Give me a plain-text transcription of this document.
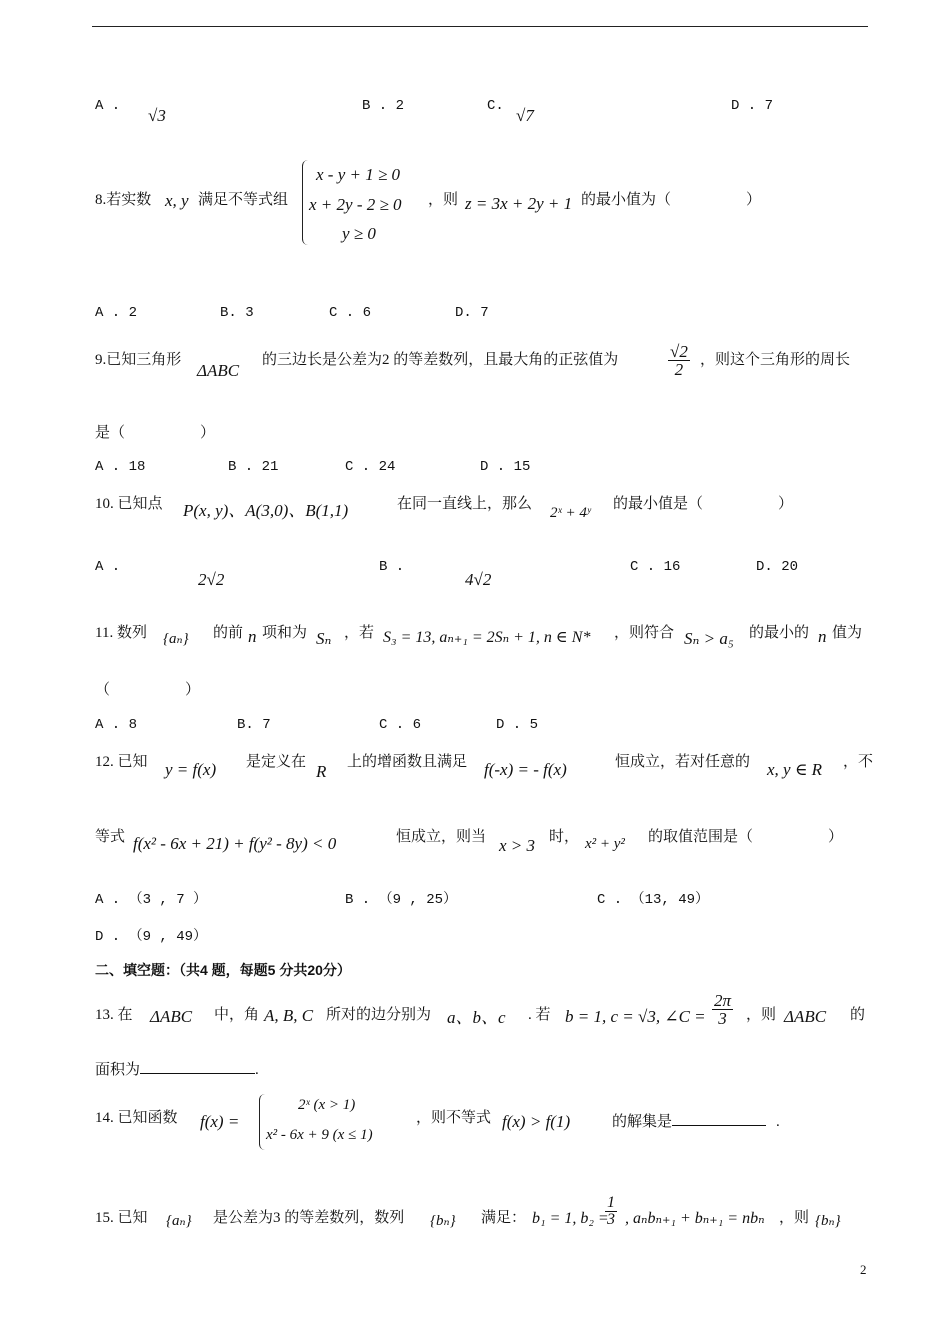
A . √3	B . 2	C. √7	D . 7
8.若实数 x, y 满足不等式组
x - y + 1 ≥ 0
x + 2y - 2 ≥ 0
y ≥ 0
，则 z = 3x + 2y + 1 的最小值为（　　　　　）
A . 2	B. 3	C . 6	D. 7
9.已知三角形
ΔABC
的三边长是公差为2 的等差数列，且最大角的正弦值为	$\frac{√2}{2}$ ，则这个三角形的周长
是（　　　　　）
A . 18	B . 21	C . 24	D . 15
10. 已知点 P(x, y)、A(3,0)、B(1,1)	在同一直线上，那么
2ˣ + 4ʸ
的最小值是（　　　　　）
A .
2√2
B .
4√2
C . 16	D. 20
11. 数列 {aₙ} 的前 n 项和为 Sₙ ，若 S₃ = 13, aₙ₊₁ = 2Sₙ + 1, n ∈ N* ，则符合 Sₙ > a₅ 的最小的 n 值为
（　　　　　）
A . 8	B. 7	C . 6	D . 5
12. 已知 y = f(x) 是定义在 R 上的增函数且满足 f(-x) = - f(x)	恒成立，若对任意的 x, y ∈ R ，不
等式 f(x² - 6x + 21) + f(y² - 8y) < 0	恒成立，则当 x > 3 时， x² + y² 的取值范围是（　　　　　）
A . （3 , 7 ）	B . （9 , 25）	C . （13, 49）
D . （9 , 49）
二、填空题：（共4 题，每题5 分共20分）
13. 在 ΔABC 中，角 A, B, C 所对的边分别为 a、b、c . 若 b = 1, c = √3, ∠C = $\frac{2\pi}{3}$ ，则 ΔABC 的
面积为	.
14. 已知函数 f(x) =
2ˣ (x > 1)
x² - 6x + 9 (x ≤ 1)
，则不等式 f(x) > f(1)	的解集是	.
15. 已知 {aₙ} 是公差为3 的等差数列，数列 {bₙ} 满足： b₁ = 1, b₂ =
$\frac{1}{3}$ , aₙbₙ₊₁ + bₙ₊₁ = nbₙ ，则 {bₙ}
2
